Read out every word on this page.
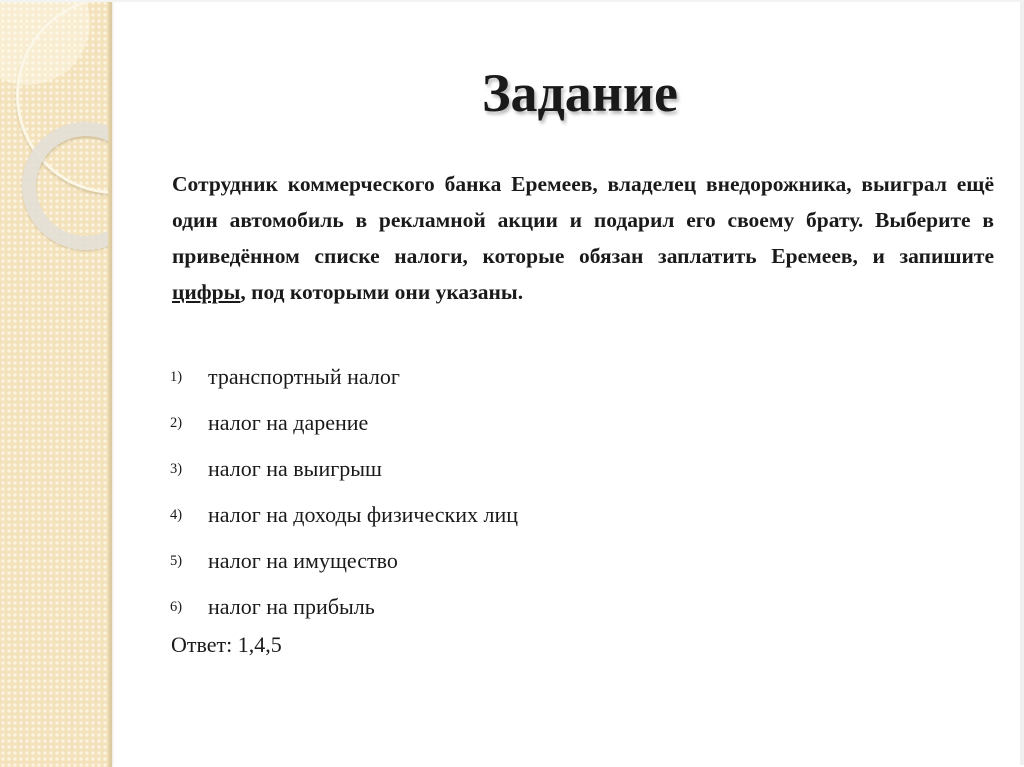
Задание

Сотрудник коммерческого банка Еремеев, владелец внедорожника, выиграл ещё один автомобиль в рекламной акции и подарил его своему брату. Выберите в приведённом списке налоги, которые обязан заплатить Еремеев, и запишите цифры, под которыми они указаны.

1)	транспортный налог
2)	налог на дарение
3)	налог на выигрыш
4)	налог на доходы физических лиц
5)	налог на имущество
6)	налог на прибыль

Ответ: 1,4,5
